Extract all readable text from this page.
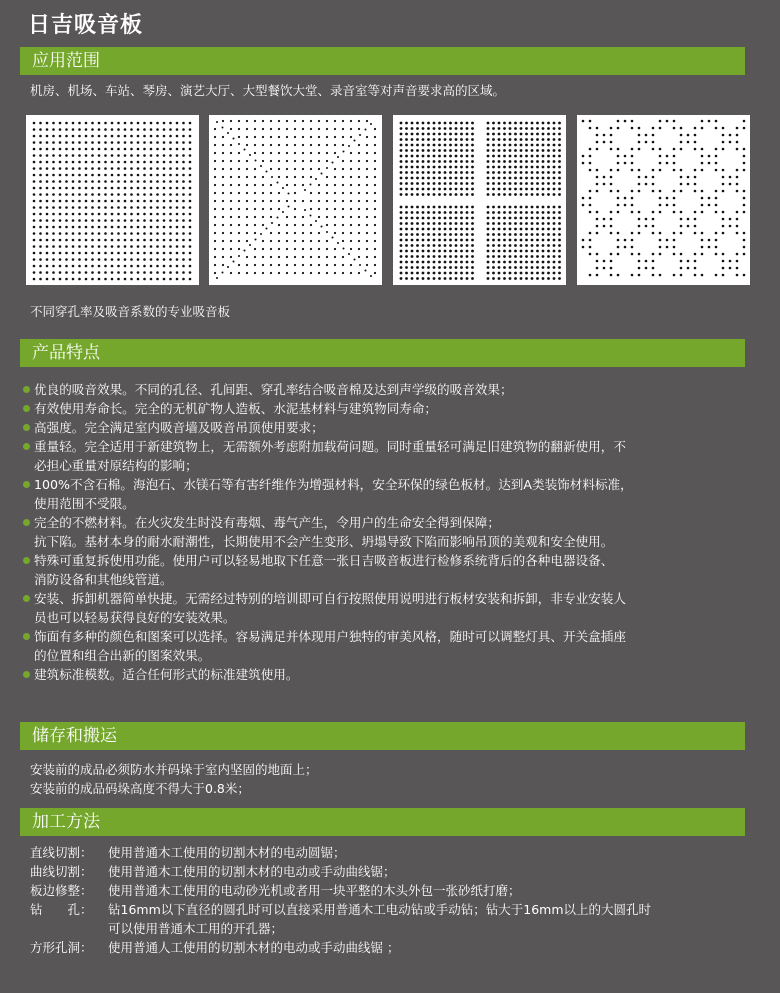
日吉吸音板
应用范围
机房、机场、车站、琴房、演艺大厅、大型餐饮大堂、录音室等对声音要求高的区域。
不同穿孔率及吸音系数的专业吸音板
产品特点
优良的吸音效果。不同的孔径、孔间距、穿孔率结合吸音棉及达到声学级的吸音效果；
有效使用寿命长。完全的无机矿物人造板、水泥基材料与建筑物同寿命；
高强度。完全满足室内吸音墙及吸音吊顶使用要求；
重量轻。完全适用于新建筑物上，无需额外考虑附加载荷问题。同时重量轻可满足旧建筑物的翻新使用，不
必担心重量对原结构的影响；
100%不含石棉。海泡石、水镁石等有害纤维作为增强材料，安全环保的绿色板材。达到A类装饰材料标准，
使用范围不受限。
完全的不燃材料。在火灾发生时没有毒烟、毒气产生，令用户的生命安全得到保障；
抗下陷。基材本身的耐水耐潮性，长期使用不会产生变形、坍塌导致下陷而影响吊顶的美观和安全使用。
特殊可重复拆使用功能。使用户可以轻易地取下任意一张日吉吸音板进行检修系统背后的各种电器设备、
消防设备和其他线管道。
安装、拆卸机器简单快捷。无需经过特别的培训即可自行按照使用说明进行板材安装和拆卸，非专业安装人
员也可以轻易获得良好的安装效果。
饰面有多种的颜色和图案可以选择。容易满足并体现用户独特的审美风格，随时可以调整灯具、开关盒插座
的位置和组合出新的图案效果。
建筑标准模数。适合任何形式的标准建筑使用。
储存和搬运
安装前的成品必须防水并码垛于室内坚固的地面上；
安装前的成品码垛高度不得大于0.8米；
加工方法
直线切割： 使用普通木工使用的切割木材的电动圆锯；
曲线切割： 使用普通木工使用的切割木材的电动或手动曲线锯；
板边修整： 使用普通木工使用的电动砂光机或者用一块平整的木头外包一张砂纸打磨；
钻　　孔： 钻16mm以下直径的圆孔时可以直接采用普通木工电动钻或手动钻；钻大于16mm以上的大圆孔时
可以使用普通木工用的开孔器；
方形孔洞： 使用普通人工使用的切割木材的电动或手动曲线锯 ；
